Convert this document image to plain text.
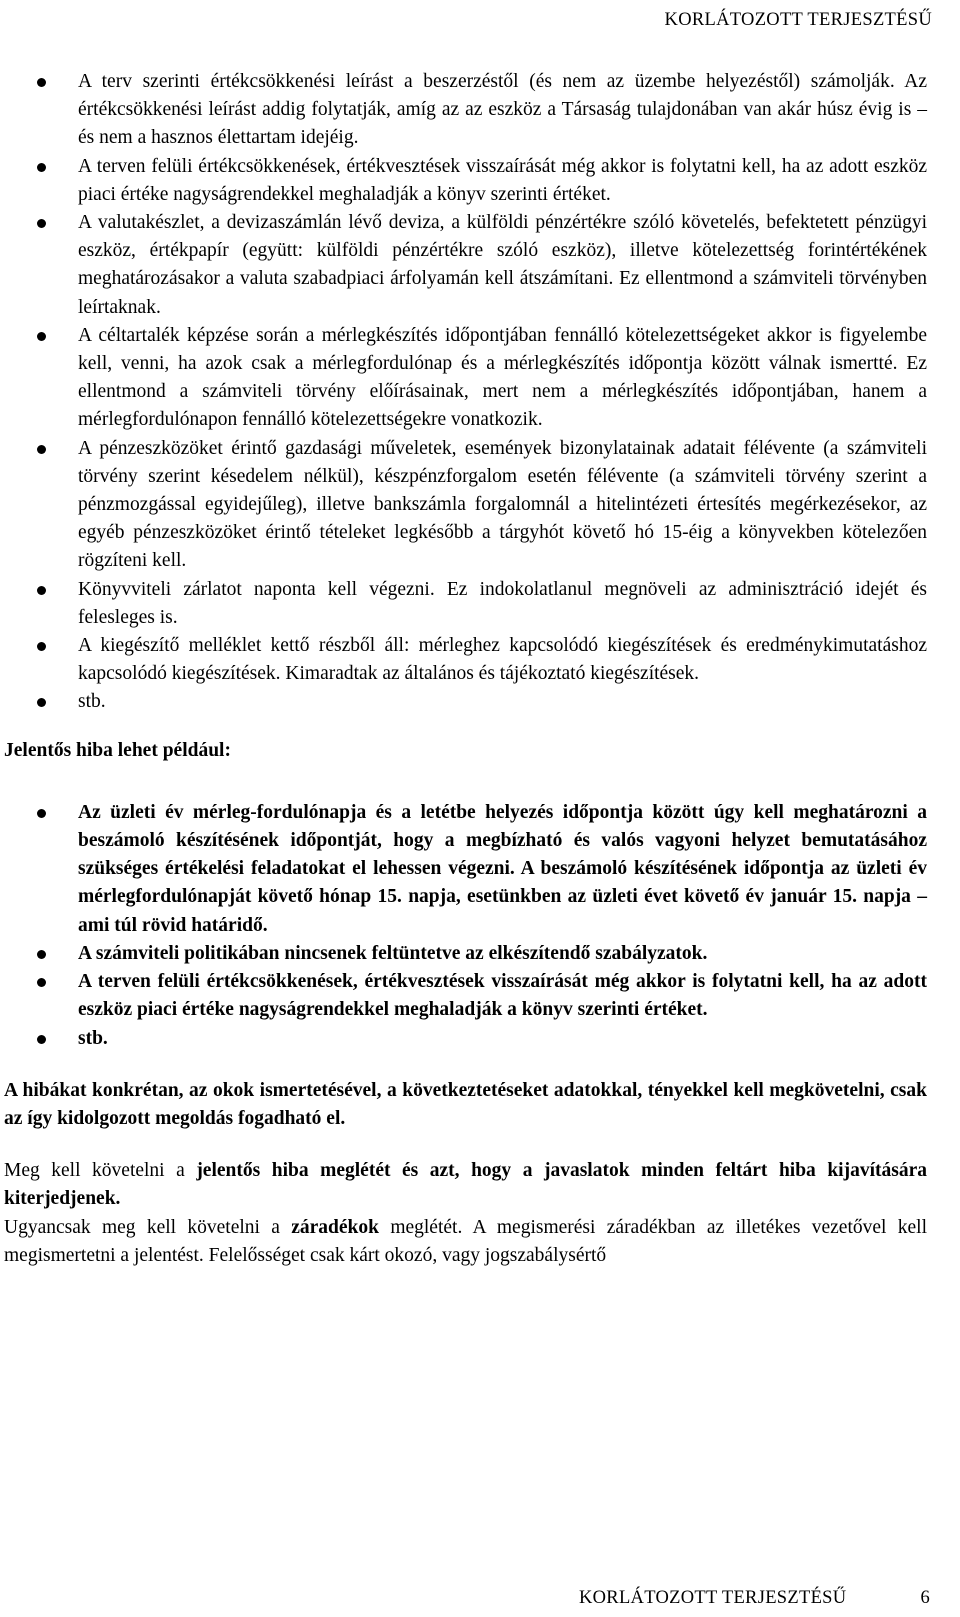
KORLÁTOZOTT TERJESZTÉSŰ
A terv szerinti értékcsökkenési leírást a beszerzéstől (és nem az üzembe helyezéstől) számolják. Az értékcsökkenési leírást addig folytatják, amíg az az eszköz a Társaság tulajdonában van akár húsz évig is – és nem a hasznos élettartam idejéig.
A terven felüli értékcsökkenések, értékvesztések visszaírását még akkor is folytatni kell, ha az adott eszköz piaci értéke nagyságrendekkel meghaladják a könyv szerinti értéket.
A valutakészlet, a devizaszámlán lévő deviza, a külföldi pénzértékre szóló követelés, befektetett pénzügyi eszköz, értékpapír (együtt: külföldi pénzértékre szóló eszköz), illetve kötelezettség forintértékének meghatározásakor a valuta szabadpiaci árfolyamán kell átszámítani. Ez ellentmond a számviteli törvényben leírtaknak.
A céltartalék képzése során a mérlegkészítés időpontjában fennálló kötelezettségeket akkor is figyelembe kell, venni, ha azok csak a mérlegfordulónap és a mérlegkészítés időpontja között válnak ismertté. Ez ellentmond a számviteli törvény előírásainak, mert nem a mérlegkészítés időpontjában, hanem a mérlegfordulónapon fennálló kötelezettségekre vonatkozik.
A pénzeszközöket érintő gazdasági műveletek, események bizonylatainak adatait félévente (a számviteli törvény szerint késedelem nélkül), készpénzforgalom esetén félévente (a számviteli törvény szerint a pénzmozgással egyidejűleg), illetve bankszámla forgalomnál a hitelintézeti értesítés megérkezésekor, az egyéb pénzeszközöket érintő tételeket legkésőbb a tárgyhót követő hó 15-éig a könyvekben kötelezően rögzíteni kell.
Könyvviteli zárlatot naponta kell végezni. Ez indokolatlanul megnöveli az adminisztráció idejét és felesleges is.
A kiegészítő melléklet kettő részből áll: mérleghez kapcsolódó kiegészítések és eredménykimutatáshoz kapcsolódó kiegészítések. Kimaradtak az általános és tájékoztató kiegészítések.
stb.
Jelentős hiba lehet például:
Az üzleti év mérleg-fordulónapja és a letétbe helyezés időpontja között úgy kell meghatározni a beszámoló készítésének időpontját, hogy a megbízható és valós vagyoni helyzet bemutatásához szükséges értékelési feladatokat el lehessen végezni. A beszámoló készítésének időpontja az üzleti év mérlegfordulónapját követő hónap 15. napja, esetünkben az üzleti évet követő év január 15. napja – ami túl rövid határidő.
A számviteli politikában nincsenek feltüntetve az elkészítendő szabályzatok.
A terven felüli értékcsökkenések, értékvesztések visszaírását még akkor is folytatni kell, ha az adott eszköz piaci értéke nagyságrendekkel meghaladják a könyv szerinti értéket.
stb.

A hibákat konkrétan, az okok ismertetésével, a következtetéseket adatokkal, tényekkel kell megkövetelni, csak az így kidolgozott megoldás fogadható el.

Meg kell követelni a jelentős hiba meglétét és azt, hogy a javaslatok minden feltárt hiba kijavítására kiterjedjenek.

Ugyancsak meg kell követelni a záradékok meglétét. A megismerési záradékban az illetékes vezetővel kell megismertetni a jelentést. Felelősséget csak kárt okozó, vagy jogszabálysértő

KORLÁTOZOTT TERJESZTÉSŰ	6
